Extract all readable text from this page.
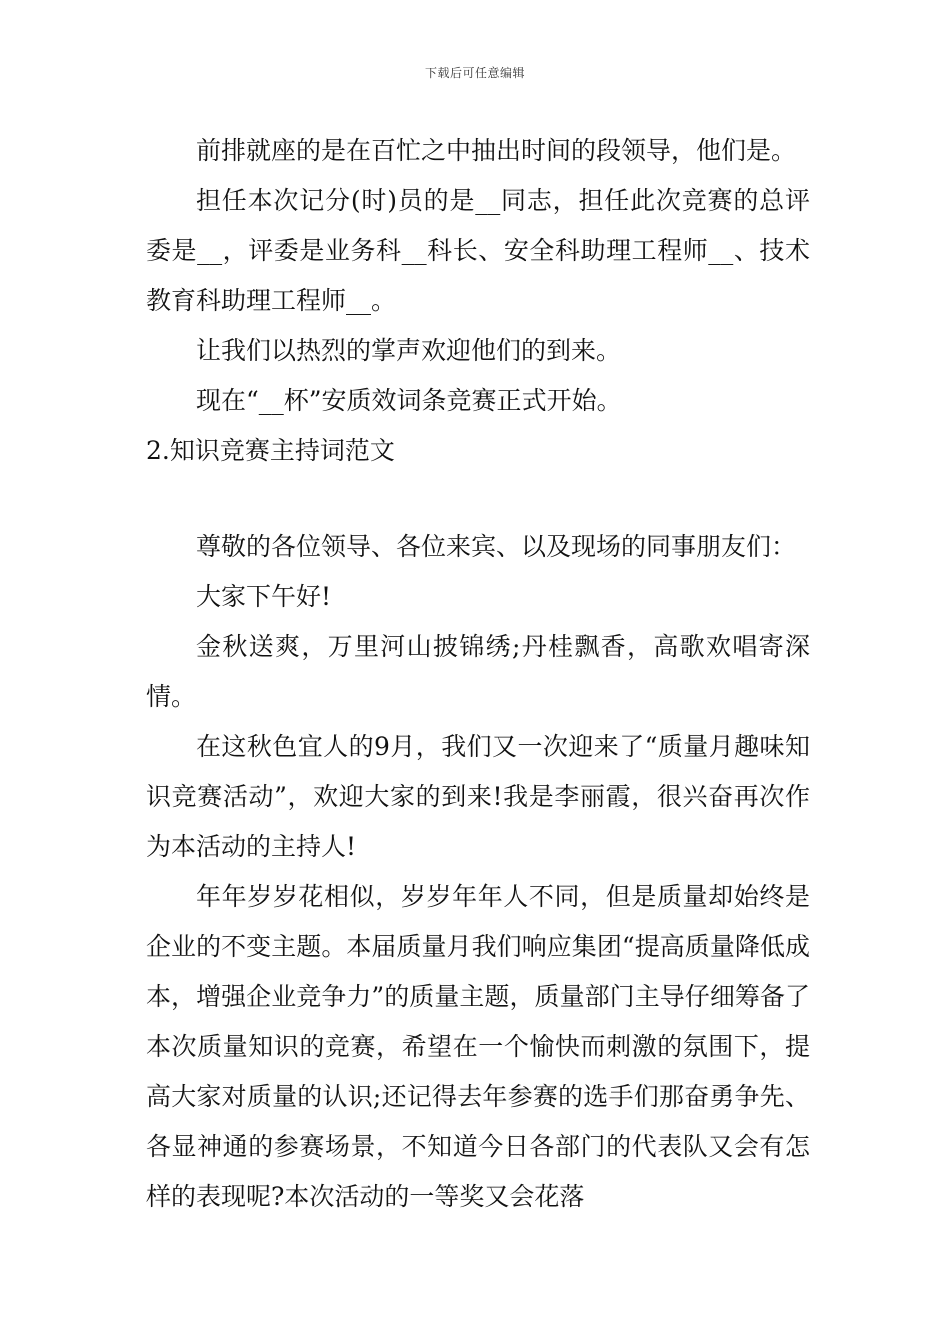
下载后可任意编辑

前排就座的是在百忙之中抽出时间的段领导，他们是。

担任本次记分(时)员的是__同志，担任此次竞赛的总评委是__，评委是业务科__科长、安全科助理工程师__、技术教育科助理工程师__。

让我们以热烈的掌声欢迎他们的到来。

现在“__杯”安质效词条竞赛正式开始。

2.知识竞赛主持词范文

尊敬的各位领导、各位来宾、以及现场的同事朋友们：

大家下午好!

金秋送爽，万里河山披锦绣;丹桂飘香，高歌欢唱寄深情。

在这秋色宜人的9月，我们又一次迎来了“质量月趣味知识竞赛活动”，欢迎大家的到来!我是李丽霞，很兴奋再次作为本活动的主持人!

年年岁岁花相似，岁岁年年人不同，但是质量却始终是企业的不变主题。本届质量月我们响应集团“提高质量降低成本，增强企业竞争力”的质量主题，质量部门主导仔细筹备了本次质量知识的竞赛，希望在一个愉快而刺激的氛围下，提高大家对质量的认识;还记得去年参赛的选手们那奋勇争先、各显神通的参赛场景，不知道今日各部门的代表队又会有怎样的表现呢?本次活动的一等奖又会花落
